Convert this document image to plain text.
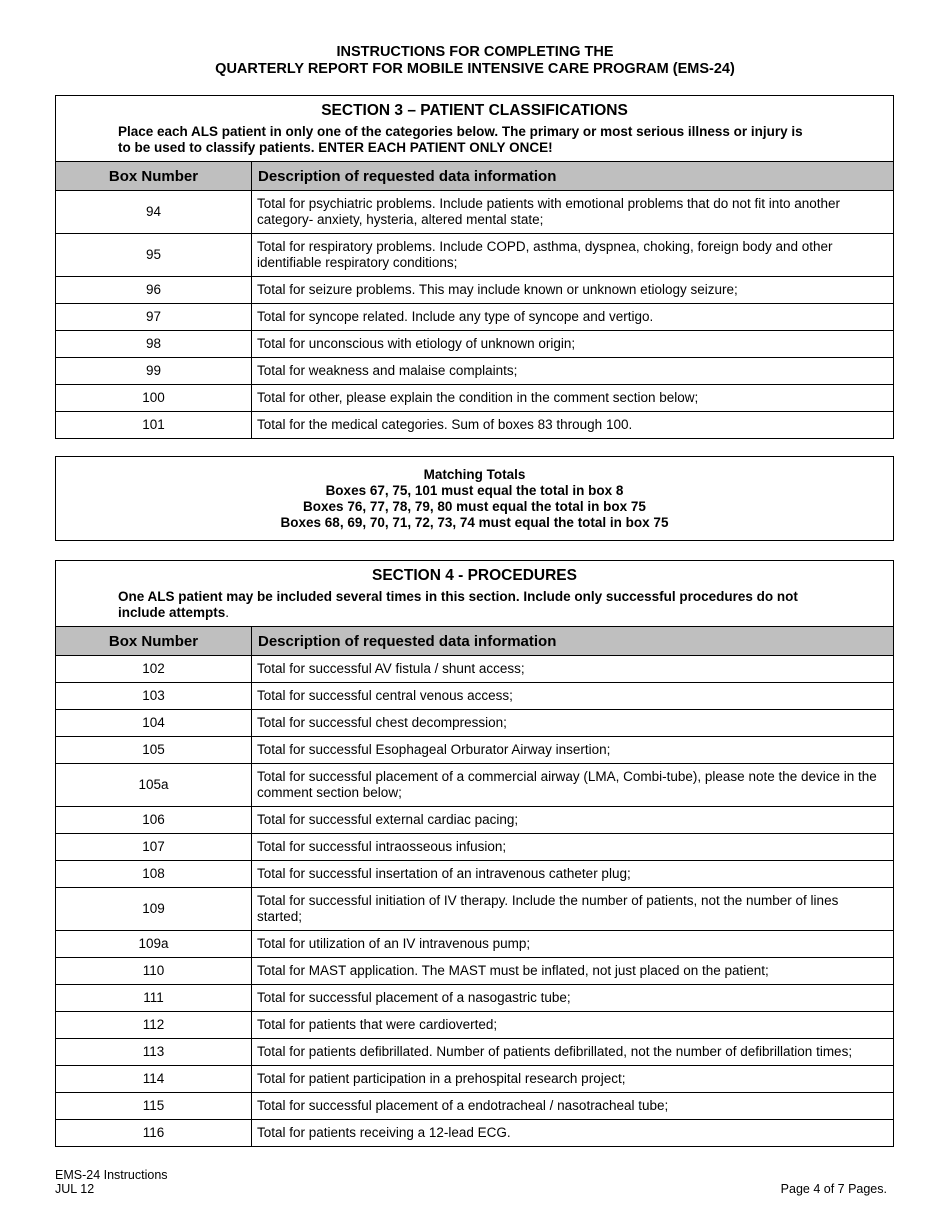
INSTRUCTIONS FOR COMPLETING THE
QUARTERLY REPORT FOR MOBILE INTENSIVE CARE PROGRAM (EMS-24)
SECTION 3 – PATIENT CLASSIFICATIONS
Place each ALS patient in only one of the categories below. The primary or most serious illness or injury is
to be used to classify patients. ENTER EACH PATIENT ONLY ONCE!
Box Number	Description of requested data information
94	Total for psychiatric problems. Include patients with emotional problems that do not fit into another category- anxiety, hysteria, altered mental state;
95	Total for respiratory problems. Include COPD, asthma, dyspnea, choking, foreign body and other identifiable respiratory conditions;
96	Total for seizure problems. This may include known or unknown etiology seizure;
97	Total for syncope related. Include any type of syncope and vertigo.
98	Total for unconscious with etiology of unknown origin;
99	Total for weakness and malaise complaints;
100	Total for other, please explain the condition in the comment section below;
101	Total for the medical categories. Sum of boxes 83 through 100.
Matching Totals
Boxes 67, 75, 101 must equal the total in box 8
Boxes 76, 77, 78, 79, 80 must equal the total in box 75
Boxes 68, 69, 70, 71, 72, 73, 74 must equal the total in box 75
SECTION 4 - PROCEDURES
One ALS patient may be included several times in this section. Include only successful procedures do not
include attempts.
Box Number	Description of requested data information
102	Total for successful AV fistula / shunt access;
103	Total for successful central venous access;
104	Total for successful chest decompression;
105	Total for successful Esophageal Orburator Airway insertion;
105a	Total for successful placement of a commercial airway (LMA, Combi-tube), please note the device in the comment section below;
106	Total for successful external cardiac pacing;
107	Total for successful intraosseous infusion;
108	Total for successful insertation of an intravenous catheter plug;
109	Total for successful initiation of IV therapy. Include the number of patients, not the number of lines started;
109a	Total for utilization of an IV intravenous pump;
110	Total for MAST application. The MAST must be inflated, not just placed on the patient;
111	Total for successful placement of a nasogastric tube;
112	Total for patients that were cardioverted;
113	Total for patients defibrillated. Number of patients defibrillated, not the number of defibrillation times;
114	Total for patient participation in a prehospital research project;
115	Total for successful placement of a endotracheal / nasotracheal tube;
116	Total for patients receiving a 12-lead ECG.
EMS-24 Instructions
JUL 12	Page 4 of 7 Pages.
